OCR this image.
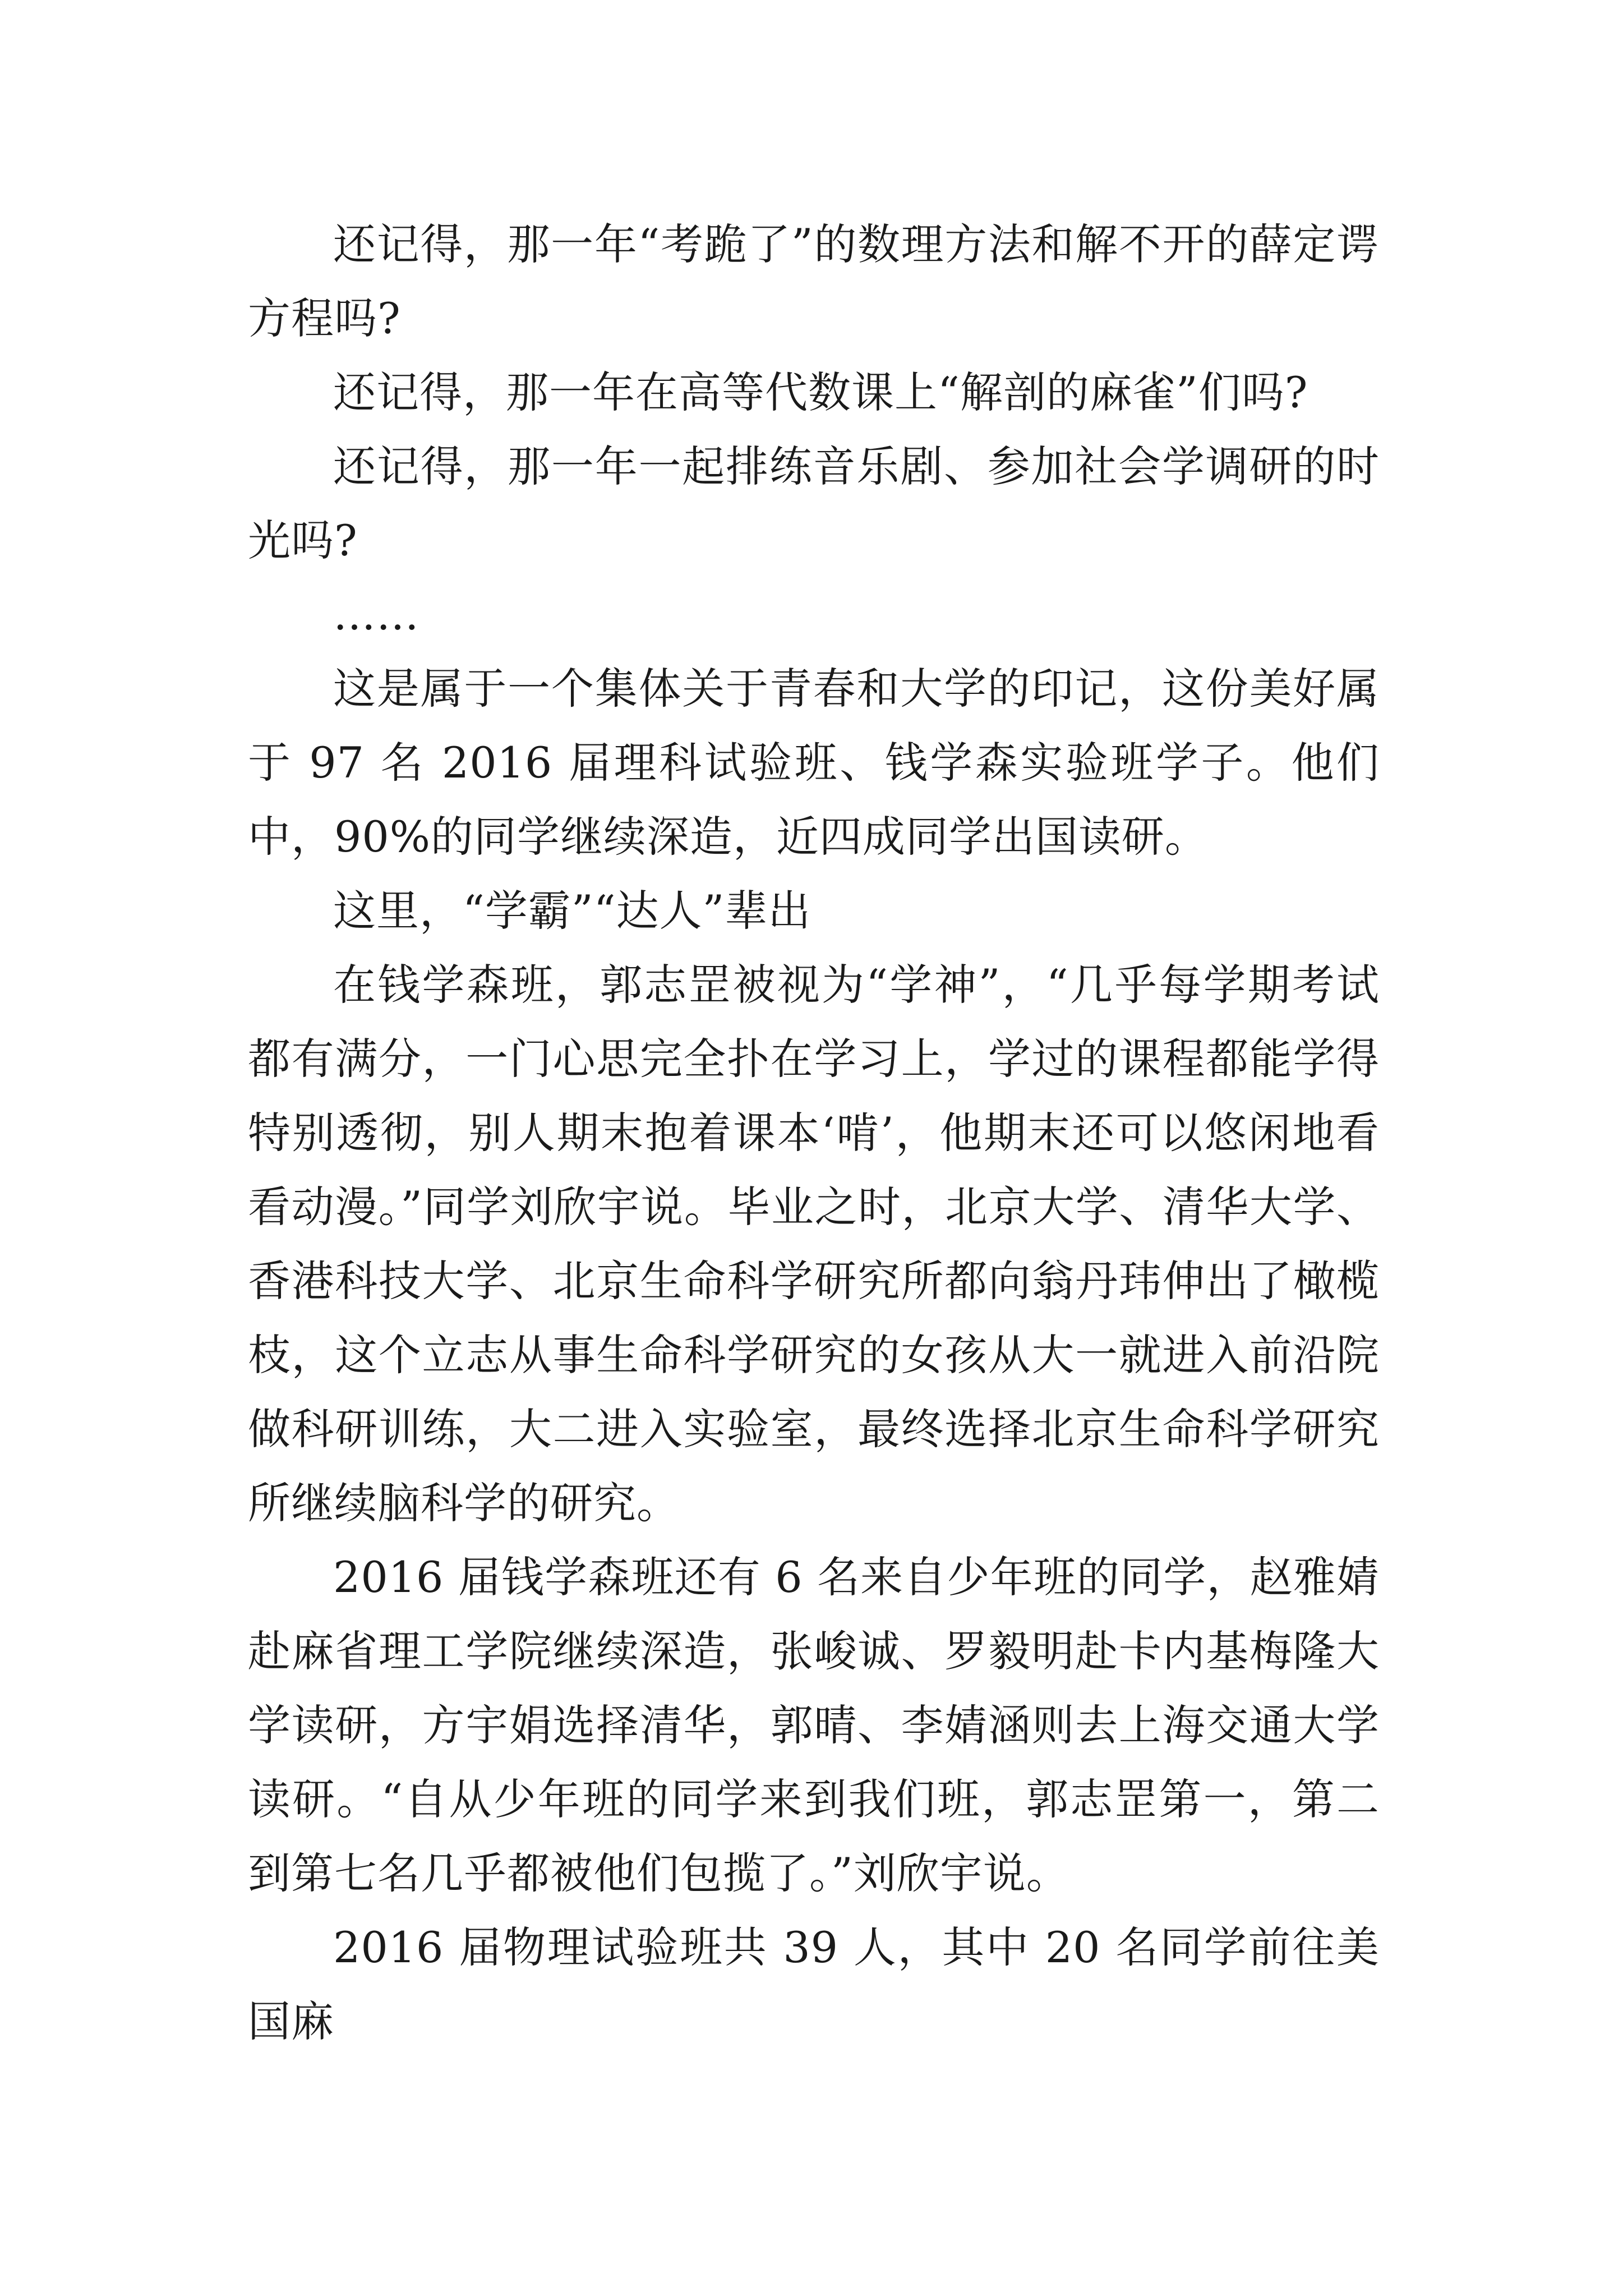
还记得，那一年“考跪了”的数理方法和解不开的薛定谔方程吗?

还记得，那一年在高等代数课上“解剖的麻雀”们吗?

还记得，那一年一起排练音乐剧、参加社会学调研的时光吗?

……

这是属于一个集体关于青春和大学的印记，这份美好属于 97 名 2016 届理科试验班、钱学森实验班学子。他们中，90%的同学继续深造，近四成同学出国读研。

这里，“学霸”“达人”辈出

在钱学森班，郭志罡被视为“学神”，“几乎每学期考试都有满分，一门心思完全扑在学习上，学过的课程都能学得特别透彻，别人期末抱着课本‘啃’，他期末还可以悠闲地看看动漫。”同学刘欣宇说。毕业之时，北京大学、清华大学、香港科技大学、北京生命科学研究所都向翁丹玮伸出了橄榄枝，这个立志从事生命科学研究的女孩从大一就进入前沿院做科研训练，大二进入实验室，最终选择北京生命科学研究所继续脑科学的研究。

2016 届钱学森班还有 6 名来自少年班的同学，赵雅婧赴麻省理工学院继续深造，张峻诚、罗毅明赴卡内基梅隆大学读研，方宇娟选择清华，郭晴、李婧涵则去上海交通大学读研。“自从少年班的同学来到我们班，郭志罡第一，第二到第七名几乎都被他们包揽了。”刘欣宇说。

2016 届物理试验班共 39 人，其中 20 名同学前往美国麻
